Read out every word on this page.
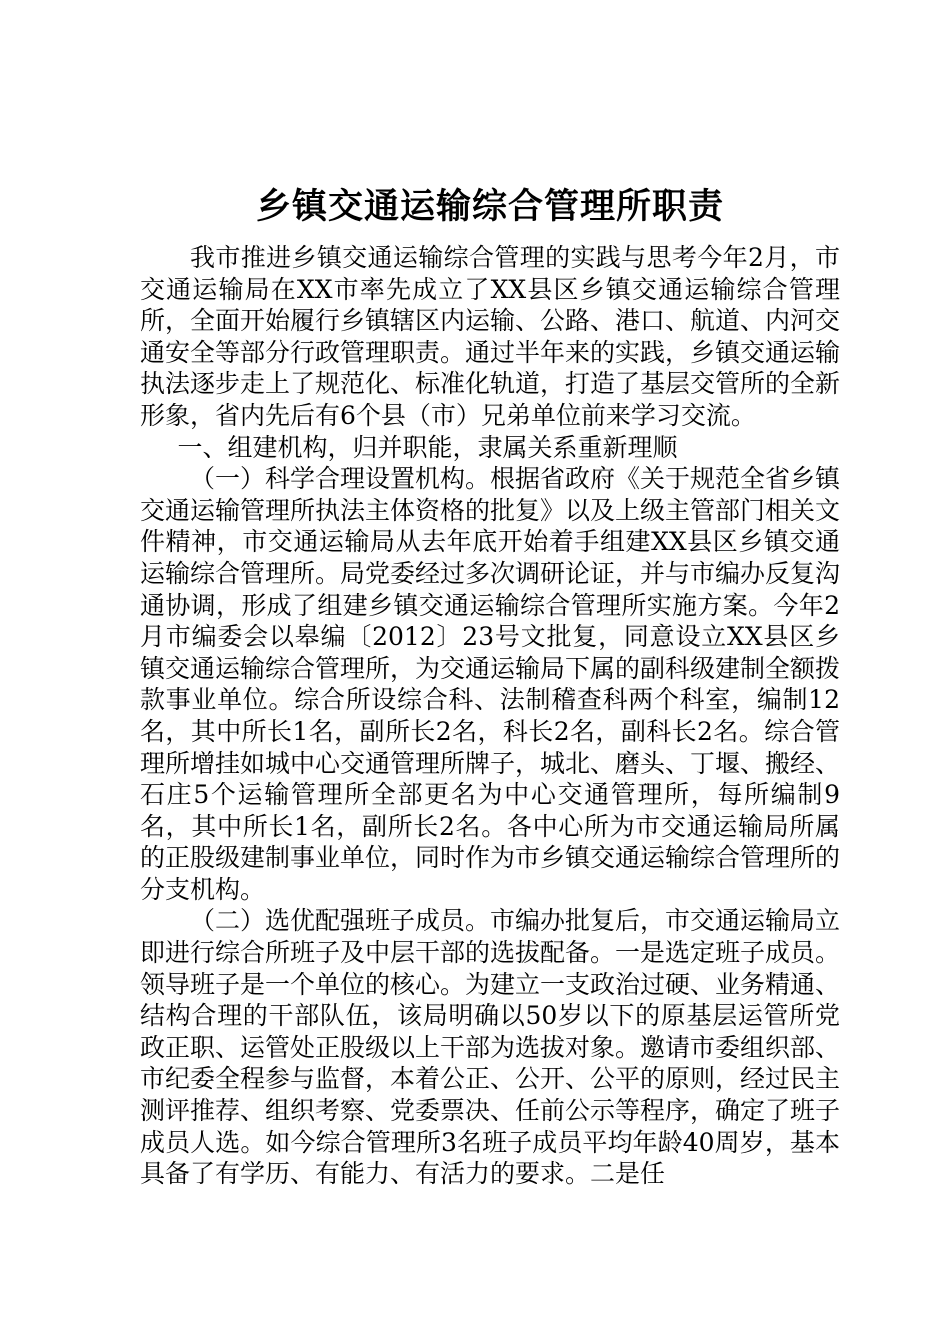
乡镇交通运输综合管理所职责

我市推进乡镇交通运输综合管理的实践与思考今年2月，市交通运输局在XX市率先成立了XX县区乡镇交通运输综合管理所，全面开始履行乡镇辖区内运输、公路、港口、航道、内河交通安全等部分行政管理职责。通过半年来的实践，乡镇交通运输执法逐步走上了规范化、标准化轨道，打造了基层交管所的全新形象，省内先后有6个县（市）兄弟单位前来学习交流。

一、组建机构，归并职能，隶属关系重新理顺

（一）科学合理设置机构。根据省政府《关于规范全省乡镇交通运输管理所执法主体资格的批复》以及上级主管部门相关文件精神，市交通运输局从去年底开始着手组建XX县区乡镇交通运输综合管理所。局党委经过多次调研论证，并与市编办反复沟通协调，形成了组建乡镇交通运输综合管理所实施方案。今年2月市编委会以皋编〔2012〕23号文批复，同意设立XX县区乡镇交通运输综合管理所，为交通运输局下属的副科级建制全额拨款事业单位。综合所设综合科、法制稽查科两个科室，编制12名，其中所长1名，副所长2名，科长2名，副科长2名。综合管理所增挂如城中心交通管理所牌子，城北、磨头、丁堰、搬经、石庄5个运输管理所全部更名为中心交通管理所，每所编制9名，其中所长1名，副所长2名。各中心所为市交通运输局所属的正股级建制事业单位，同时作为市乡镇交通运输综合管理所的分支机构。

（二）选优配强班子成员。市编办批复后，市交通运输局立即进行综合所班子及中层干部的选拔配备。一是选定班子成员。领导班子是一个单位的核心。为建立一支政治过硬、业务精通、结构合理的干部队伍，该局明确以50岁以下的原基层运管所党政正职、运管处正股级以上干部为选拔对象。邀请市委组织部、市纪委全程参与监督，本着公正、公开、公平的原则，经过民主测评推荐、组织考察、党委票决、任前公示等程序，确定了班子成员人选。如今综合管理所3名班子成员平均年龄40周岁，基本具备了有学历、有能力、有活力的要求。二是任
